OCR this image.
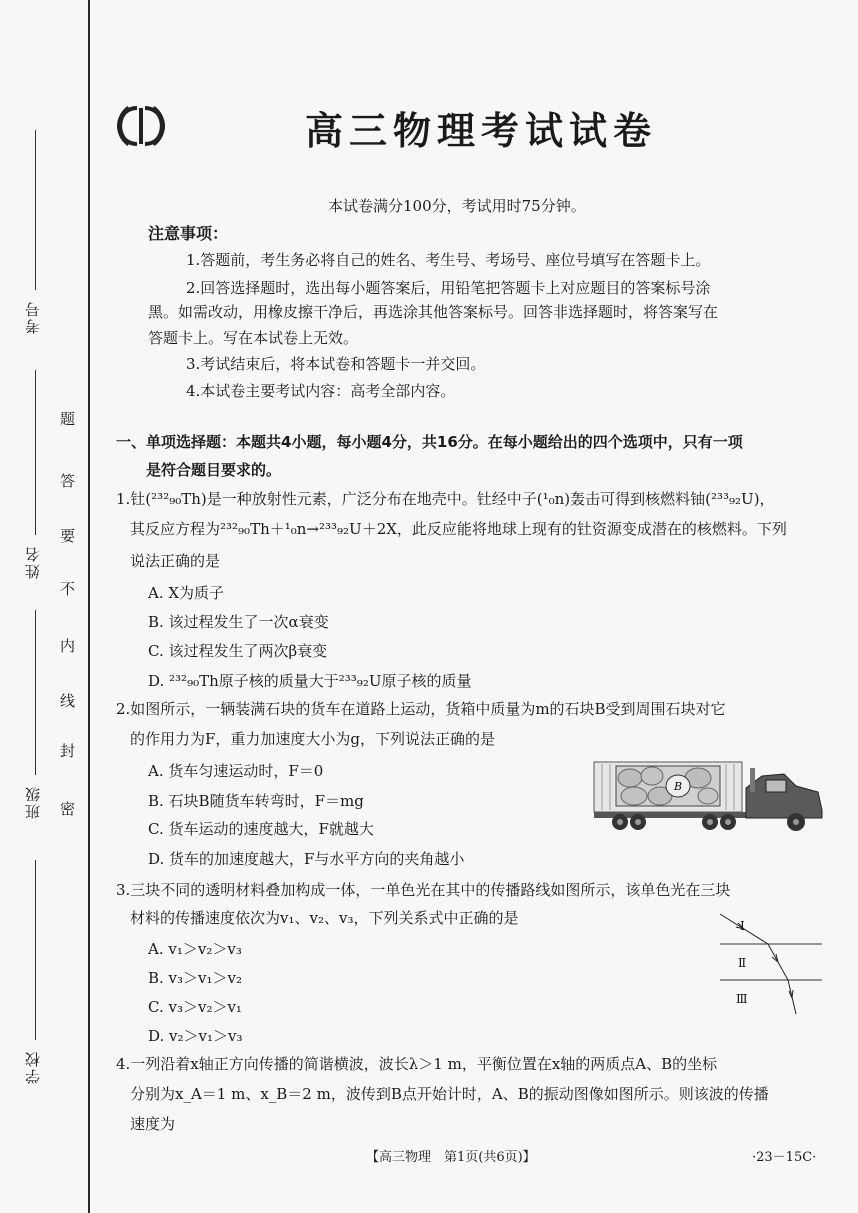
考号
姓名
班级
学校
密
封
线
内
不
要
答
题
高三物理考试试卷
本试卷满分100分，考试用时75分钟。
注意事项：
1.答题前，考生务必将自己的姓名、考生号、考场号、座位号填写在答题卡上。
2.回答选择题时，选出每小题答案后，用铅笔把答题卡上对应题目的答案标号涂
黑。如需改动，用橡皮擦干净后，再选涂其他答案标号。回答非选择题时，将答案写在
答题卡上。写在本试卷上无效。
3.考试结束后，将本试卷和答题卡一并交回。
4.本试卷主要考试内容：高考全部内容。
一、单项选择题：本题共4小题，每小题4分，共16分。在每小题给出的四个选项中，只有一项
是符合题目要求的。
1.钍(²³²₉₀Th)是一种放射性元素，广泛分布在地壳中。钍经中子(¹₀n)轰击可得到核燃料铀(²³³₉₂U)，
其反应方程为²³²₉₀Th＋¹₀n→²³³₉₂U＋2X，此反应能将地球上现有的钍资源变成潜在的核燃料。下列
说法正确的是
A. X为质子
B. 该过程发生了一次α衰变
C. 该过程发生了两次β衰变
D. ²³²₉₀Th原子核的质量大于²³³₉₂U原子核的质量
2.如图所示，一辆装满石块的货车在道路上运动，货箱中质量为m的石块B受到周围石块对它
的作用力为F，重力加速度大小为g，下列说法正确的是
A. 货车匀速运动时，F＝0
B. 石块B随货车转弯时，F＝mg
C. 货车运动的速度越大，F就越大
D. 货车的加速度越大，F与水平方向的夹角越小
B
3.三块不同的透明材料叠加构成一体，一单色光在其中的传播路线如图所示，该单色光在三块
材料的传播速度依次为v₁、v₂、v₃，下列关系式中正确的是
A. v₁＞v₂＞v₃
B. v₃＞v₁＞v₂
C. v₃＞v₂＞v₁
D. v₂＞v₁＞v₃
Ⅰ
Ⅱ
Ⅲ
4.一列沿着x轴正方向传播的简谐横波，波长λ＞1 m，平衡位置在x轴的两质点A、B的坐标
分别为x_A＝1 m、x_B＝2 m，波传到B点开始计时，A、B的振动图像如图所示。则该波的传播
速度为
【高三物理　第1页(共6页)】	·23－15C·
